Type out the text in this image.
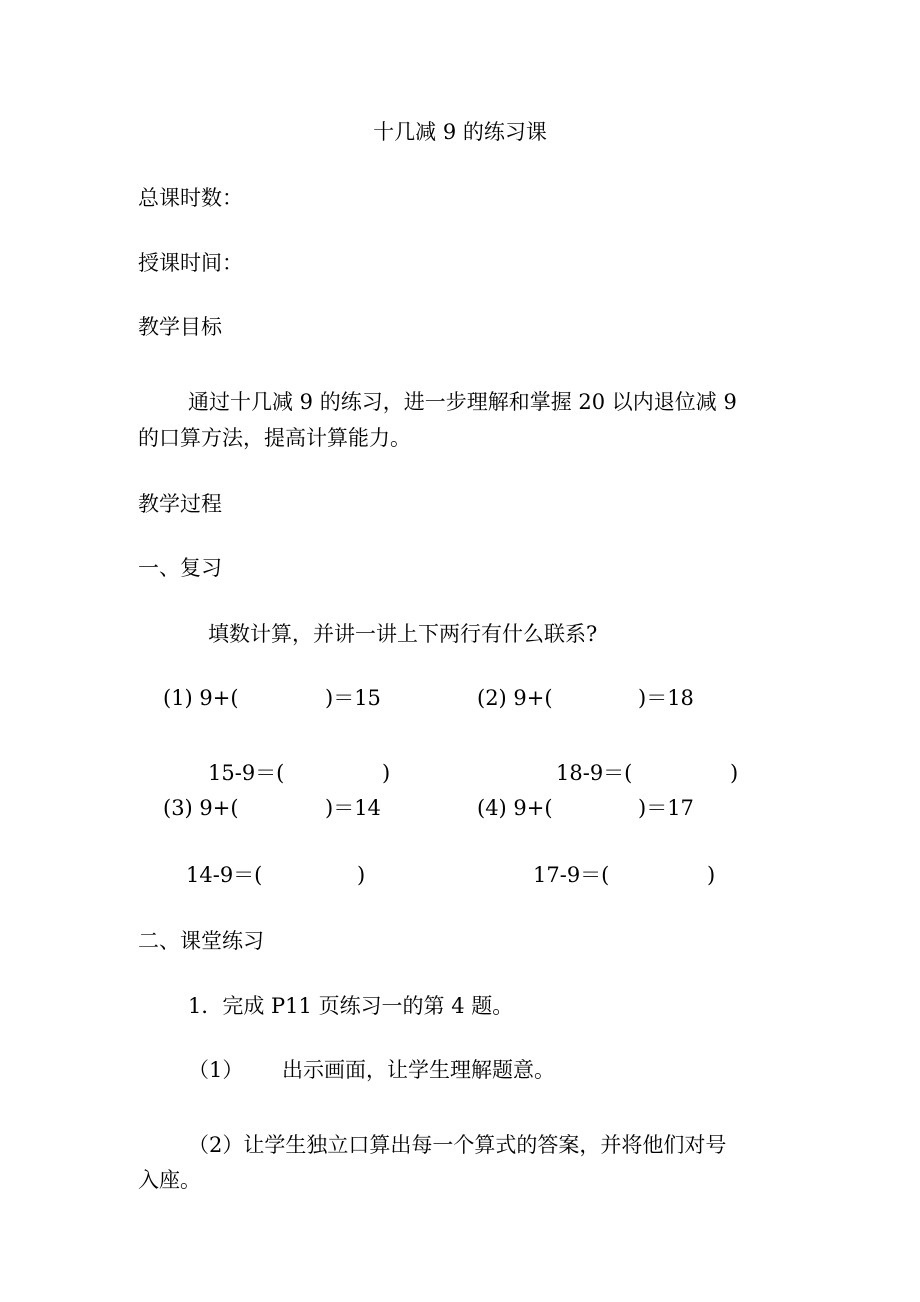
十几减 9 的练习课
总课时数：
授课时间：
教学目标
通过十几减 9 的练习，进一步理解和掌握 20 以内退位减 9
的口算方法，提高计算能力。
教学过程
一、复习
填数计算，并讲一讲上下两行有什么联系?
(1) 9+(	)＝15	(2) 9+(	)＝18
15-9＝(	)	18-9＝(	)
(3) 9+(	)＝14	(4) 9+(	)＝17
14-9＝(	)	17-9＝(	)
二、课堂练习
1．完成 P11 页练习一的第 4 题。
（1） 出示画面，让学生理解题意。
（2）让学生独立口算出每一个算式的答案，并将他们对号
入座。
